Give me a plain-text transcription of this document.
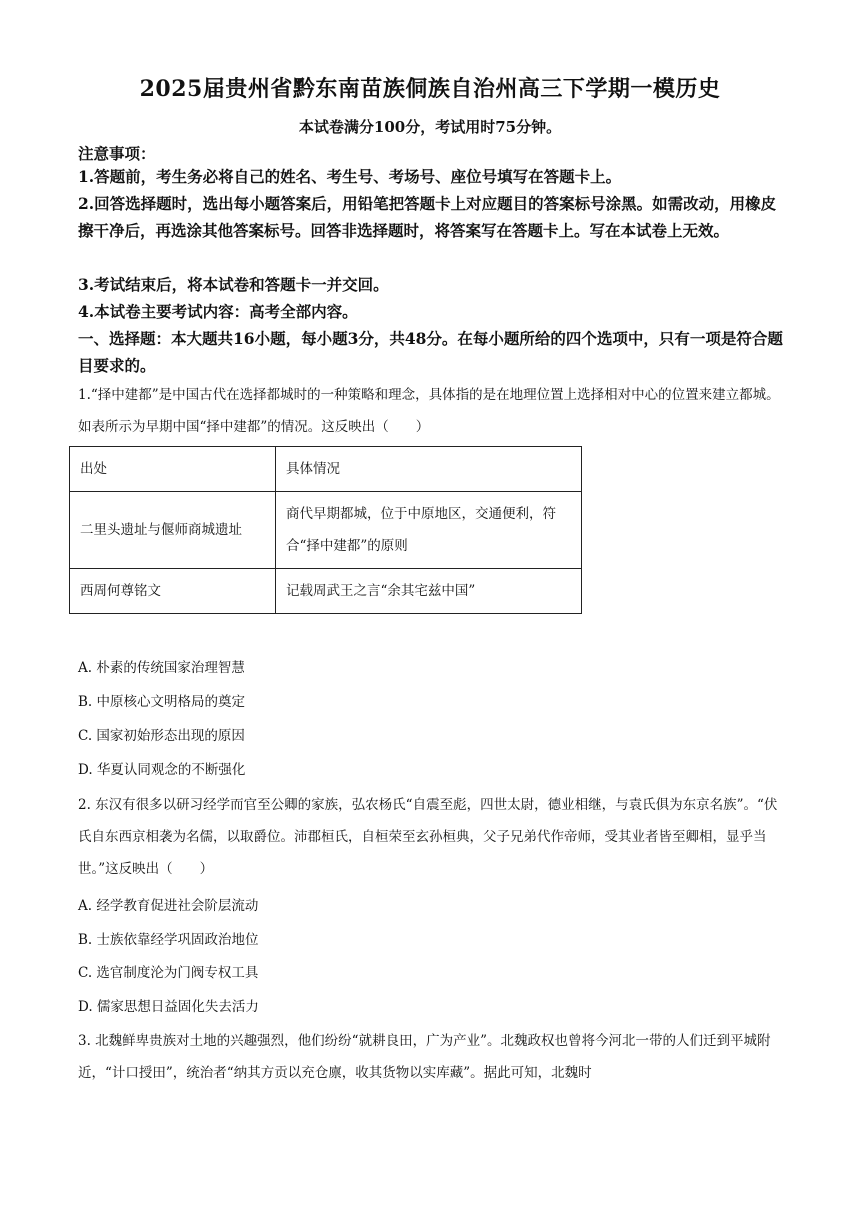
2025届贵州省黔东南苗族侗族自治州高三下学期一模历史
本试卷满分100分，考试用时75分钟。
注意事项：
1.答题前，考生务必将自己的姓名、考生号、考场号、座位号填写在答题卡上。
2.回答选择题时，选出每小题答案后，用铅笔把答题卡上对应题目的答案标号涂黑。如需改动，用橡皮擦干净后，再选涂其他答案标号。回答非选择题时，将答案写在答题卡上。写在本试卷上无效。
3.考试结束后，将本试卷和答题卡一并交回。
4.本试卷主要考试内容：高考全部内容。
一、选择题：本大题共16小题，每小题3分，共48分。在每小题所给的四个选项中，只有一项是符合题目要求的。
1.“择中建都”是中国古代在选择都城时的一种策略和理念，具体指的是在地理位置上选择相对中心的位置来建立都城。如表所示为早期中国“择中建都”的情况。这反映出（　　）
出处	具体情况
二里头遗址与偃师商城遗址	商代早期都城，位于中原地区，交通便利，符合“择中建都”的原则
西周何尊铭文	记载周武王之言“余其宅兹中国”
A. 朴素的传统国家治理智慧
B. 中原核心文明格局的奠定
C. 国家初始形态出现的原因
D. 华夏认同观念的不断强化
2. 东汉有很多以研习经学而官至公卿的家族，弘农杨氏“自震至彪，四世太尉，德业相继，与袁氏俱为东京名族”。“伏氏自东西京相袭为名儒，以取爵位。沛郡桓氏，自桓荣至玄孙桓典，父子兄弟代作帝师，受其业者皆至卿相，显乎当世。”这反映出（　　）
A. 经学教育促进社会阶层流动
B. 士族依靠经学巩固政治地位
C. 选官制度沦为门阀专权工具
D. 儒家思想日益固化失去活力
3. 北魏鲜卑贵族对土地的兴趣强烈，他们纷纷“就耕良田，广为产业”。北魏政权也曾将今河北一带的人们迁到平城附近，“计口授田”，统治者“纳其方贡以充仓廪，收其货物以实库藏”。据此可知，北魏时
